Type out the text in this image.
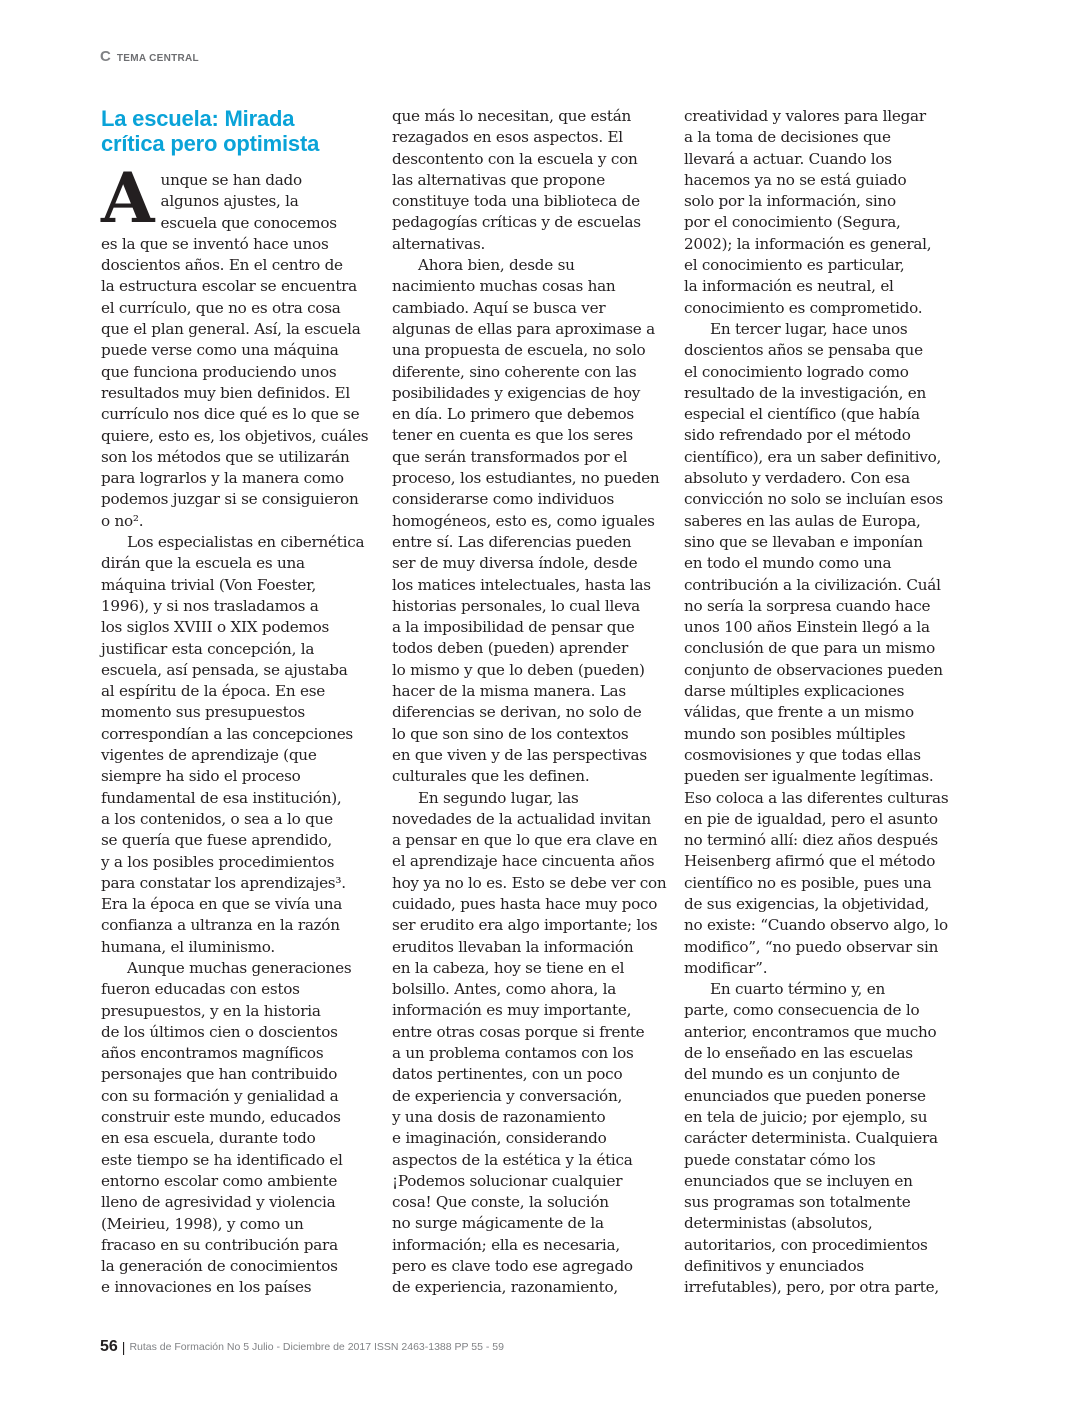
C TEMA CENTRAL
La escuela: Mirada
crítica pero optimista
A unque se han dado
algunos ajustes, la
escuela que conocemos
es la que se inventó hace unos
doscientos años. En el centro de
la estructura escolar se encuentra
el currículo, que no es otra cosa
que el plan general. Así, la escuela
puede verse como una máquina
que funciona produciendo unos
resultados muy bien definidos. El
currículo nos dice qué es lo que se
quiere, esto es, los objetivos, cuáles
son los métodos que se utilizarán
para lograrlos y la manera como
podemos juzgar si se consiguieron
o no².
Los especialistas en cibernética
dirán que la escuela es una
máquina trivial (Von Foester,
1996), y si nos trasladamos a
los siglos XVIII o XIX podemos
justificar esta concepción, la
escuela, así pensada, se ajustaba
al espíritu de la época. En ese
momento sus presupuestos
correspondían a las concepciones
vigentes de aprendizaje (que
siempre ha sido el proceso
fundamental de esa institución),
a los contenidos, o sea a lo que
se quería que fuese aprendido,
y a los posibles procedimientos
para constatar los aprendizajes³.
Era la época en que se vivía una
confianza a ultranza en la razón
humana, el iluminismo.
Aunque muchas generaciones
fueron educadas con estos
presupuestos, y en la historia
de los últimos cien o doscientos
años encontramos magníficos
personajes que han contribuido
con su formación y genialidad a
construir este mundo, educados
en esa escuela, durante todo
este tiempo se ha identificado el
entorno escolar como ambiente
lleno de agresividad y violencia
(Meirieu, 1998), y como un
fracaso en su contribución para
la generación de conocimientos
e innovaciones en los países
que más lo necesitan, que están
rezagados en esos aspectos. El
descontento con la escuela y con
las alternativas que propone
constituye toda una biblioteca de
pedagogías críticas y de escuelas
alternativas.
Ahora bien, desde su
nacimiento muchas cosas han
cambiado. Aquí se busca ver
algunas de ellas para aproximase a
una propuesta de escuela, no solo
diferente, sino coherente con las
posibilidades y exigencias de hoy
en día. Lo primero que debemos
tener en cuenta es que los seres
que serán transformados por el
proceso, los estudiantes, no pueden
considerarse como individuos
homogéneos, esto es, como iguales
entre sí. Las diferencias pueden
ser de muy diversa índole, desde
los matices intelectuales, hasta las
historias personales, lo cual lleva
a la imposibilidad de pensar que
todos deben (pueden) aprender
lo mismo y que lo deben (pueden)
hacer de la misma manera. Las
diferencias se derivan, no solo de
lo que son sino de los contextos
en que viven y de las perspectivas
culturales que les definen.
En segundo lugar, las
novedades de la actualidad invitan
a pensar en que lo que era clave en
el aprendizaje hace cincuenta años
hoy ya no lo es. Esto se debe ver con
cuidado, pues hasta hace muy poco
ser erudito era algo importante; los
eruditos llevaban la información
en la cabeza, hoy se tiene en el
bolsillo. Antes, como ahora, la
información es muy importante,
entre otras cosas porque si frente
a un problema contamos con los
datos pertinentes, con un poco
de experiencia y conversación,
y una dosis de razonamiento
e imaginación, considerando
aspectos de la estética y la ética
¡Podemos solucionar cualquier
cosa! Que conste, la solución
no surge mágicamente de la
información; ella es necesaria,
pero es clave todo ese agregado
de experiencia, razonamiento,
creatividad y valores para llegar
a la toma de decisiones que
llevará a actuar. Cuando los
hacemos ya no se está guiado
solo por la información, sino
por el conocimiento (Segura,
2002); la información es general,
el conocimiento es particular,
la información es neutral, el
conocimiento es comprometido.
En tercer lugar, hace unos
doscientos años se pensaba que
el conocimiento logrado como
resultado de la investigación, en
especial el científico (que había
sido refrendado por el método
científico), era un saber definitivo,
absoluto y verdadero. Con esa
convicción no solo se incluían esos
saberes en las aulas de Europa,
sino que se llevaban e imponían
en todo el mundo como una
contribución a la civilización. Cuál
no sería la sorpresa cuando hace
unos 100 años Einstein llegó a la
conclusión de que para un mismo
conjunto de observaciones pueden
darse múltiples explicaciones
válidas, que frente a un mismo
mundo son posibles múltiples
cosmovisiones y que todas ellas
pueden ser igualmente legítimas.
Eso coloca a las diferentes culturas
en pie de igualdad, pero el asunto
no terminó allí: diez años después
Heisenberg afirmó que el método
científico no es posible, pues una
de sus exigencias, la objetividad,
no existe: “Cuando observo algo, lo
modifico”, “no puedo observar sin
modificar”.
En cuarto término y, en
parte, como consecuencia de lo
anterior, encontramos que mucho
de lo enseñado en las escuelas
del mundo es un conjunto de
enunciados que pueden ponerse
en tela de juicio; por ejemplo, su
carácter determinista. Cualquiera
puede constatar cómo los
enunciados que se incluyen en
sus programas son totalmente
deterministas (absolutos,
autoritarios, con procedimientos
definitivos y enunciados
irrefutables), pero, por otra parte,
56 | Rutas de Formación No 5 Julio - Diciembre de 2017 ISSN 2463-1388 PP 55 - 59
